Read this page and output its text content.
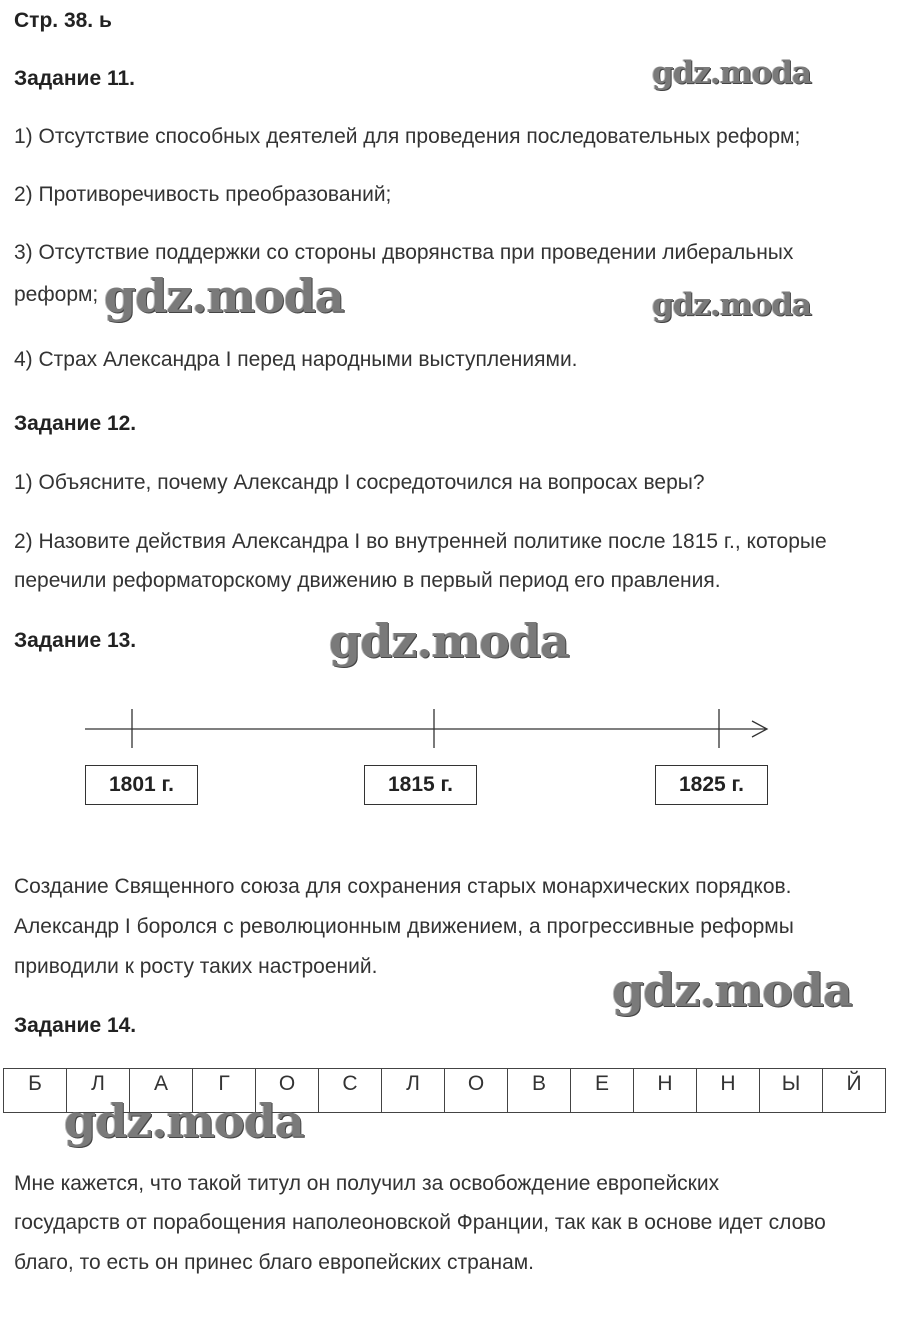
Стр. 38. ь
Задание 11.
1) Отсутствие способных деятелей для проведения последовательных реформ;
2) Противоречивость преобразований;
3) Отсутствие поддержки со стороны дворянства при проведении либеральных
реформ;
4) Страх Александра I перед народными выступлениями.
Задание 12.
1) Объясните, почему Александр I сосредоточился на вопросах веры?
2) Назовите действия Александра I во внутренней политике после 1815 г., которые
перечили реформаторскому движению в первый период его правления.
Задание 13.
1801 г.	1815 г.	1825 г.
Создание Священного союза для сохранения старых монархических порядков.
Александр I боролся с революционным движением, а прогрессивные реформы
приводили к росту таких настроений.
Задание 14.
Б	Л	А	Г	О	С	Л	О	В	Е	Н	Н	Ы	Й
Мне кажется, что такой титул он получил за освобождение европейских
государств от порабощения наполеоновской Франции, так как в основе идет слово
благо, то есть он принес благо европейских странам.
gdz.moda
gdz.moda	gdz.moda
gdz.moda
gdz.moda
gdz.moda
